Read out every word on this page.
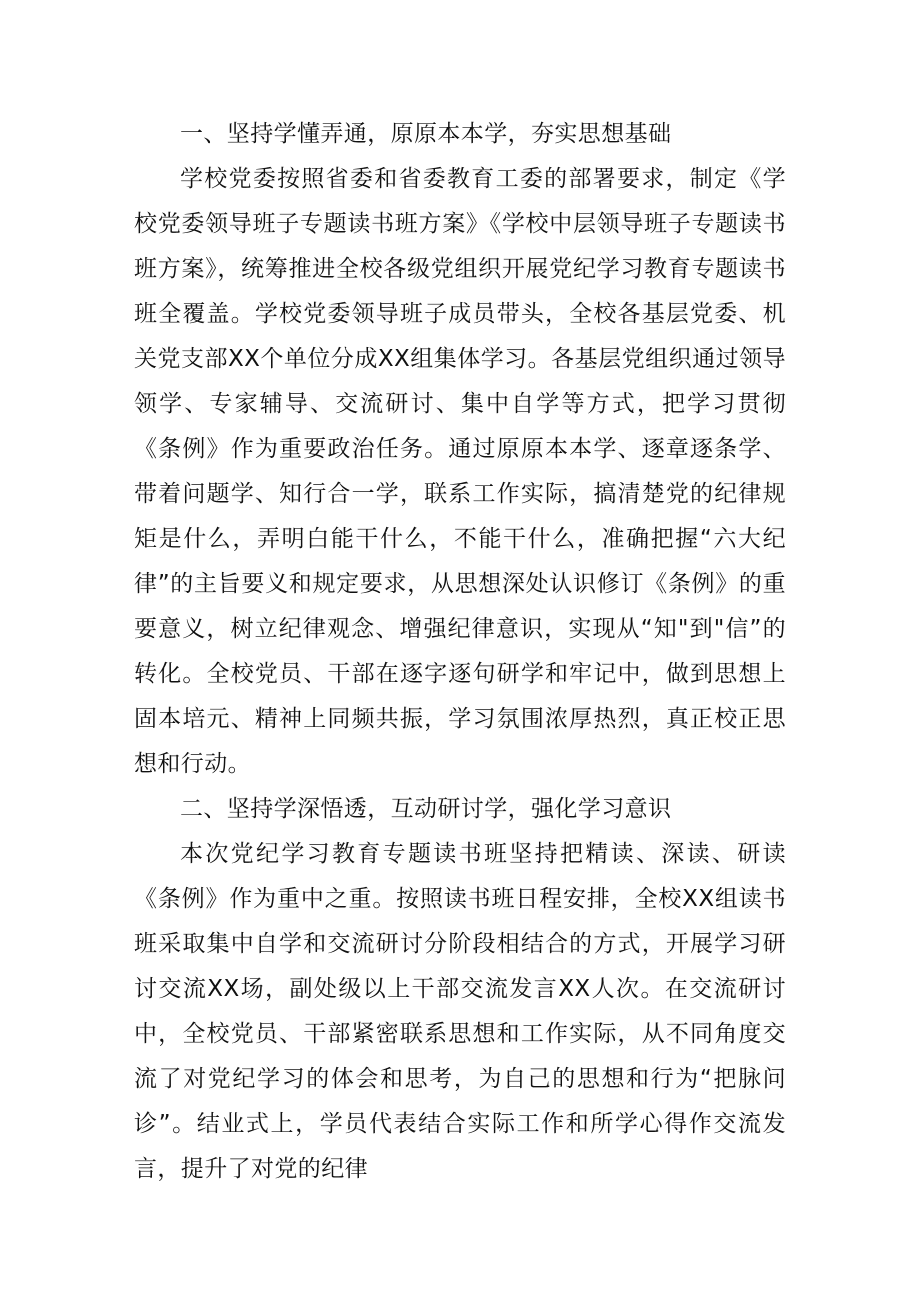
一、坚持学懂弄通，原原本本学，夯实思想基础

学校党委按照省委和省委教育工委的部署要求，制定《学校党委领导班子专题读书班方案》《学校中层领导班子专题读书班方案》，统筹推进全校各级党组织开展党纪学习教育专题读书班全覆盖。学校党委领导班子成员带头，全校各基层党委、机关党支部XX个单位分成XX组集体学习。各基层党组织通过领导领学、专家辅导、交流研讨、集中自学等方式，把学习贯彻《条例》作为重要政治任务。通过原原本本学、逐章逐条学、带着问题学、知行合一学，联系工作实际，搞清楚党的纪律规矩是什么，弄明白能干什么，不能干什么，准确把握“六大纪律”的主旨要义和规定要求，从思想深处认识修订《条例》的重要意义，树立纪律观念、增强纪律意识，实现从“知"到"信”的转化。全校党员、干部在逐字逐句研学和牢记中，做到思想上固本培元、精神上同频共振，学习氛围浓厚热烈，真正校正思想和行动。

二、坚持学深悟透，互动研讨学，强化学习意识

本次党纪学习教育专题读书班坚持把精读、深读、研读《条例》作为重中之重。按照读书班日程安排，全校XX组读书班采取集中自学和交流研讨分阶段相结合的方式，开展学习研讨交流XX场，副处级以上干部交流发言XX人次。在交流研讨中，全校党员、干部紧密联系思想和工作实际，从不同角度交流了对党纪学习的体会和思考，为自己的思想和行为“把脉问诊”。结业式上，学员代表结合实际工作和所学心得作交流发言，提升了对党的纪律
